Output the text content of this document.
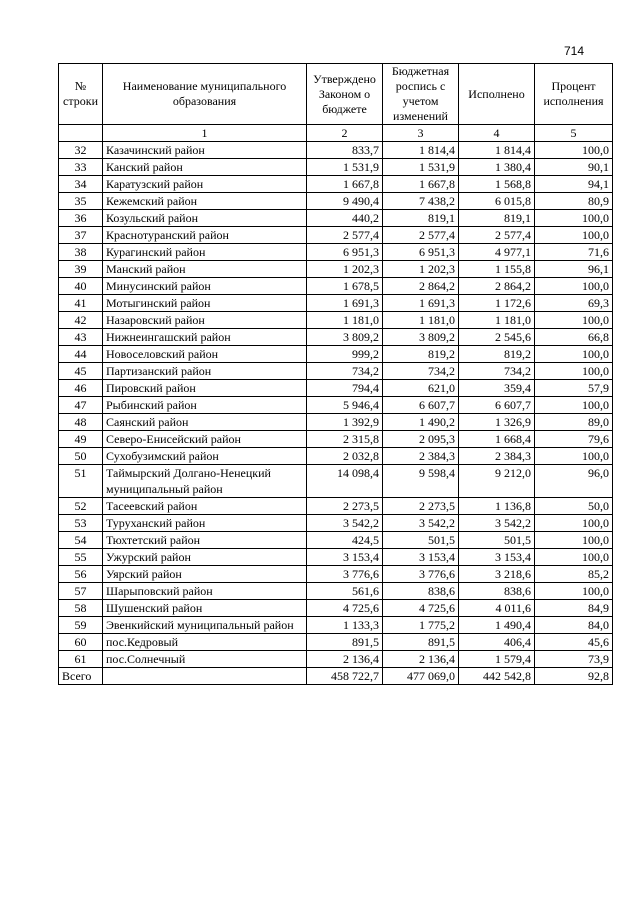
714
№ строки	Наименование муниципального образования	Утверждено Законом о бюджете	Бюджетная роспись с учетом изменений	Исполнено	Процент исполнения
	1	2	3	4	5
32	Казачинский район	833,7	1 814,4	1 814,4	100,0
33	Канский район	1 531,9	1 531,9	1 380,4	90,1
34	Каратузский район	1 667,8	1 667,8	1 568,8	94,1
35	Кежемский район	9 490,4	7 438,2	6 015,8	80,9
36	Козульский район	440,2	819,1	819,1	100,0
37	Краснотуранский район	2 577,4	2 577,4	2 577,4	100,0
38	Курагинский район	6 951,3	6 951,3	4 977,1	71,6
39	Манский район	1 202,3	1 202,3	1 155,8	96,1
40	Минусинский район	1 678,5	2 864,2	2 864,2	100,0
41	Мотыгинский район	1 691,3	1 691,3	1 172,6	69,3
42	Назаровский район	1 181,0	1 181,0	1 181,0	100,0
43	Нижнеингашский район	3 809,2	3 809,2	2 545,6	66,8
44	Новоселовский район	999,2	819,2	819,2	100,0
45	Партизанский район	734,2	734,2	734,2	100,0
46	Пировский район	794,4	621,0	359,4	57,9
47	Рыбинский район	5 946,4	6 607,7	6 607,7	100,0
48	Саянский район	1 392,9	1 490,2	1 326,9	89,0
49	Северо-Енисейский район	2 315,8	2 095,3	1 668,4	79,6
50	Сухобузимский район	2 032,8	2 384,3	2 384,3	100,0
51	Таймырский Долгано-Ненецкий муниципальный район	14 098,4	9 598,4	9 212,0	96,0
52	Тасеевский район	2 273,5	2 273,5	1 136,8	50,0
53	Туруханский район	3 542,2	3 542,2	3 542,2	100,0
54	Тюхтетский район	424,5	501,5	501,5	100,0
55	Ужурский район	3 153,4	3 153,4	3 153,4	100,0
56	Уярский район	3 776,6	3 776,6	3 218,6	85,2
57	Шарыповский район	561,6	838,6	838,6	100,0
58	Шушенский район	4 725,6	4 725,6	4 011,6	84,9
59	Эвенкийский муниципальный район	1 133,3	1 775,2	1 490,4	84,0
60	пос.Кедровый	891,5	891,5	406,4	45,6
61	пос.Солнечный	2 136,4	2 136,4	1 579,4	73,9
Всего		458 722,7	477 069,0	442 542,8	92,8
